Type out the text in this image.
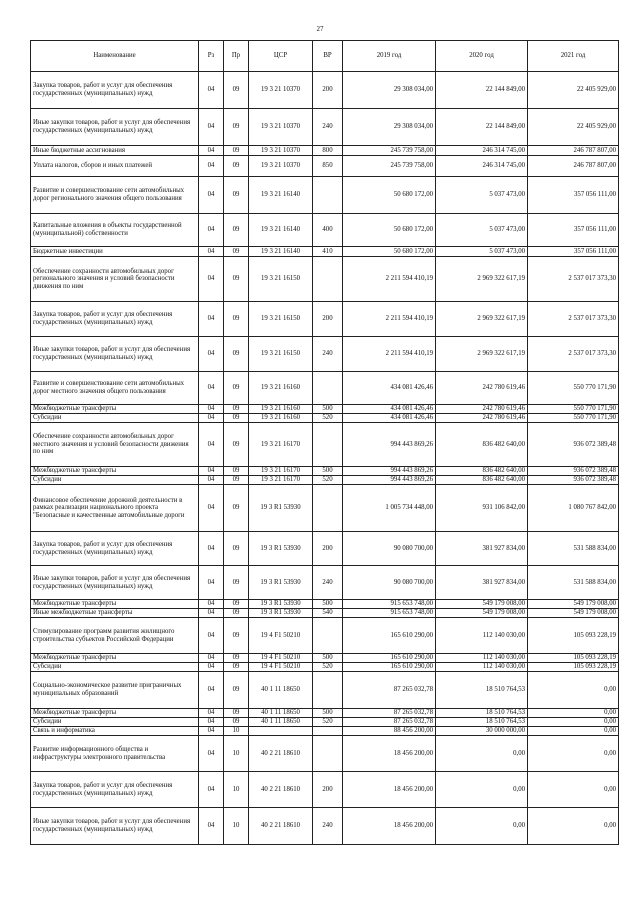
27
Наименование	Рз	Пр	ЦСР	ВР	2019 год	2020 год	2021 год
Закупка товаров, работ и услуг для обеспечения государственных (муниципальных) нужд	04	09	19 3 21 10370	200	29 308 034,00	22 144 849,00	22 405 929,00
Иные закупки товаров, работ и услуг для обеспечения государственных (муниципальных) нужд	04	09	19 3 21 10370	240	29 308 034,00	22 144 849,00	22 405 929,00
Иные бюджетные ассигнования	04	09	19 3 21 10370	800	245 739 758,00	246 314 745,00	246 787 807,00
Уплата налогов, сборов и иных платежей	04	09	19 3 21 10370	850	245 739 758,00	246 314 745,00	246 787 807,00
Развитие и совершенствование сети автомобильных дорог регионального значения общего пользования	04	09	19 3 21 16140		50 680 172,00	5 037 473,00	357 056 111,00
Капитальные вложения в объекты государственной (муниципальной) собственности	04	09	19 3 21 16140	400	50 680 172,00	5 037 473,00	357 056 111,00
Бюджетные инвестиции	04	09	19 3 21 16140	410	50 680 172,00	5 037 473,00	357 056 111,00
Обеспечение сохранности автомобильных дорог регионального значения и условий безопасности движения по ним	04	09	19 3 21 16150		2 211 594 410,19	2 969 322 617,19	2 537 017 373,30
Закупка товаров, работ и услуг для обеспечения государственных (муниципальных) нужд	04	09	19 3 21 16150	200	2 211 594 410,19	2 969 322 617,19	2 537 017 373,30
Иные закупки товаров, работ и услуг для обеспечения государственных (муниципальных) нужд	04	09	19 3 21 16150	240	2 211 594 410,19	2 969 322 617,19	2 537 017 373,30
Развитие и совершенствование сети автомобильных дорог местного значения общего пользования	04	09	19 3 21 16160		434 081 426,46	242 780 619,46	550 770 171,90
Межбюджетные трансферты	04	09	19 3 21 16160	500	434 081 426,46	242 780 619,46	550 770 171,90
Субсидии	04	09	19 3 21 16160	520	434 081 426,46	242 780 619,46	550 770 171,90
Обеспечение сохранности автомобильных дорог местного значения и условий безопасности движения по ним	04	09	19 3 21 16170		994 443 869,26	836 482 640,00	936 072 389,48
Межбюджетные трансферты	04	09	19 3 21 16170	500	994 443 869,26	836 482 640,00	936 072 389,48
Субсидии	04	09	19 3 21 16170	520	994 443 869,26	836 482 640,00	936 072 389,48
Финансовое обеспечение дорожной деятельности в рамках реализации национального проекта "Безопасные и качественные автомобильные дороги	04	09	19 3 R1 53930		1 005 734 448,00	931 106 842,00	1 080 767 842,00
Закупка товаров, работ и услуг для обеспечения государственных (муниципальных) нужд	04	09	19 3 R1 53930	200	90 080 700,00	381 927 834,00	531 588 834,00
Иные закупки товаров, работ и услуг для обеспечения государственных (муниципальных) нужд	04	09	19 3 R1 53930	240	90 080 700,00	381 927 834,00	531 588 834,00
Межбюджетные трансферты	04	09	19 3 R1 53930	500	915 653 748,00	549 179 008,00	549 179 008,00
Иные межбюджетные трансферты	04	09	19 3 R1 53930	540	915 653 748,00	549 179 008,00	549 179 008,00
Стимулирование программ развития жилищного строительства субъектов Российской Федерации	04	09	19 4 F1 50210		165 610 290,00	112 140 030,00	105 093 228,19
Межбюджетные трансферты	04	09	19 4 F1 50210	500	165 610 290,00	112 140 030,00	105 093 228,19
Субсидии	04	09	19 4 F1 50210	520	165 610 290,00	112 140 030,00	105 093 228,19
Социально-экономическое развитие приграничных муниципальных образований	04	09	40 1 11 18650		87 265 032,78	18 510 764,53	0,00
Межбюджетные трансферты	04	09	40 1 11 18650	500	87 265 032,78	18 510 764,53	0,00
Субсидии	04	09	40 1 11 18650	520	87 265 032,78	18 510 764,53	0,00
Связь и информатика	04	10			88 456 200,00	30 000 000,00	0,00
Развитие информационного общества и инфраструктуры электронного правительства	04	10	40 2 21 18610		18 456 200,00	0,00	0,00
Закупка товаров, работ и услуг для обеспечения государственных (муниципальных) нужд	04	10	40 2 21 18610	200	18 456 200,00	0,00	0,00
Иные закупки товаров, работ и услуг для обеспечения государственных (муниципальных) нужд	04	10	40 2 21 18610	240	18 456 200,00	0,00	0,00
